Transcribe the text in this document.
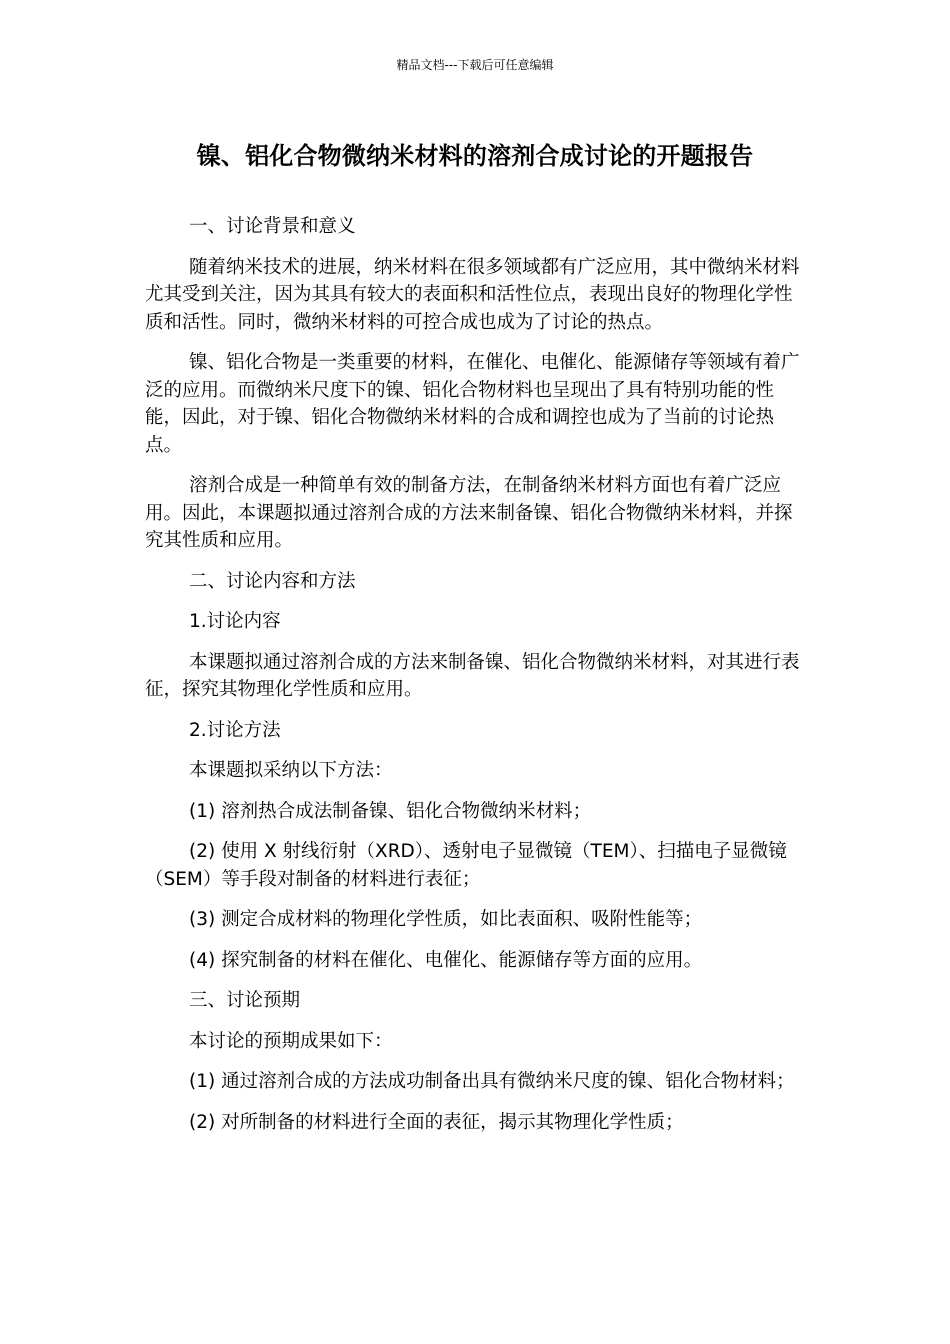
精品文档---下载后可任意编辑
镍、铝化合物微纳米材料的溶剂合成讨论的开题报告

一、讨论背景和意义

随着纳米技术的进展，纳米材料在很多领域都有广泛应用，其中微纳米材料尤其受到关注，因为其具有较大的表面积和活性位点，表现出良好的物理化学性质和活性。同时，微纳米材料的可控合成也成为了讨论的热点。

镍、铝化合物是一类重要的材料，在催化、电催化、能源储存等领域有着广泛的应用。而微纳米尺度下的镍、铝化合物材料也呈现出了具有特别功能的性能，因此，对于镍、铝化合物微纳米材料的合成和调控也成为了当前的讨论热点。

溶剂合成是一种简单有效的制备方法，在制备纳米材料方面也有着广泛应用。因此，本课题拟通过溶剂合成的方法来制备镍、铝化合物微纳米材料，并探究其性质和应用。

二、讨论内容和方法

1.讨论内容

本课题拟通过溶剂合成的方法来制备镍、铝化合物微纳米材料，对其进行表征，探究其物理化学性质和应用。

2.讨论方法

本课题拟采纳以下方法：

(1) 溶剂热合成法制备镍、铝化合物微纳米材料；

(2) 使用 X 射线衍射（XRD）、透射电子显微镜（TEM）、扫描电子显微镜（SEM）等手段对制备的材料进行表征；

(3) 测定合成材料的物理化学性质，如比表面积、吸附性能等；

(4) 探究制备的材料在催化、电催化、能源储存等方面的应用。

三、讨论预期

本讨论的预期成果如下：

(1) 通过溶剂合成的方法成功制备出具有微纳米尺度的镍、铝化合物材料；

(2) 对所制备的材料进行全面的表征，揭示其物理化学性质；
